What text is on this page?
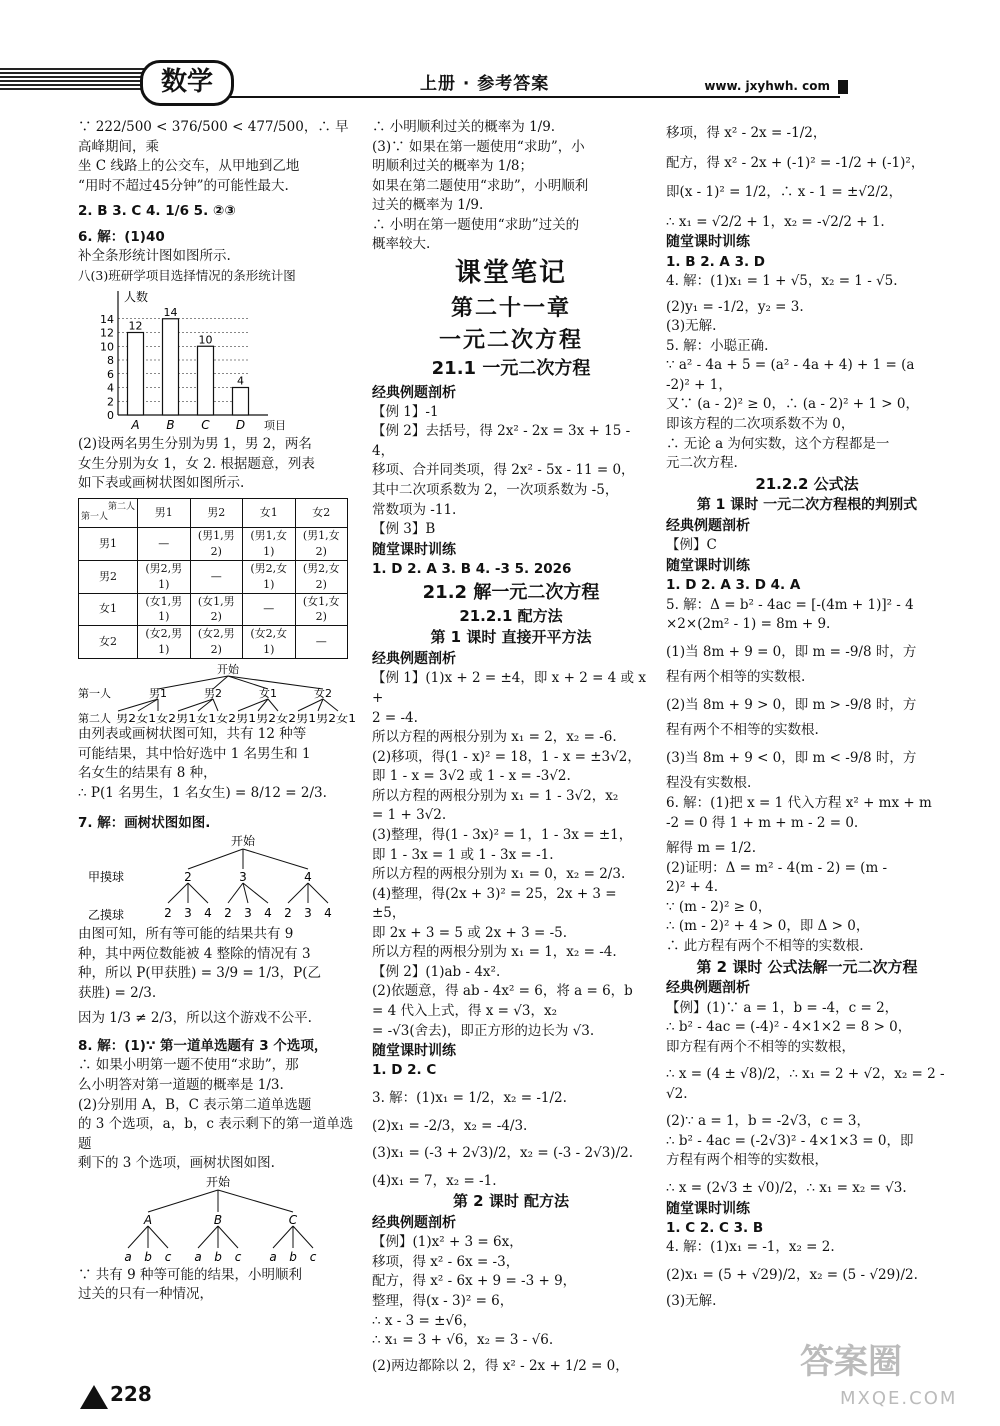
数学	上册 · 参考答案	www. jxyhwh. com

∵ 222/500 < 376/500 < 477/500，∴ 早高峰期间，乘

坐 C 线路上的公交车，从甲地到乙地

“用时不超过45分钟”的可能性最大.

2. B 3. C 4. 1/6 5. ②③

6. 解：(1)40

补全条形统计图如图所示.

八(3)班研学项目选择情况的条形统计图

人数
项目
0
2
4
6
8
10
12
14
12
A
14
B
10
C
4
D

(2)设两名男生分别为男 1，男 2，两名

女生分别为女 1，女 2. 根据题意，列表

如下表或画树状图如图所示.

第二人

第一人	男1	男2	女1	女2
男1	—	(男1,男2)	(男1,女1)	(男1,女2)
男2	(男2,男1)	—	(男2,女1)	(男2,女2)
女1	(女1,男1)	(女1,男2)	—	(女1,女2)
女2	(女2,男1)	(女2,男2)	(女2,女1)	—
开始
第一人	男1	男2	女1	女2
第二人 男2女1女2男1女1女2男1男2女2男1男2女1

由列表或画树状图可知，共有 12 种等

可能结果，其中恰好选中 1 名男生和 1

名女生的结果有 8 种，

∴ P(1 名男生，1 名女生) = 8/12 = 2/3.

7. 解：画树状图如图.

开始
甲摸球	2	3	4
乙摸球	2 3 4 2 3 4 2 3 4

由图可知，所有等可能的结果共有 9

种，其中两位数能被 4 整除的情况有 3

种，所以 P(甲获胜) = 3/9 = 1/3，P(乙

获胜) = 2/3.

因为 1/3 ≠ 2/3，所以这个游戏不公平.

8. 解：(1)∵ 第一道单选题有 3 个选项，

∴ 如果小明第一题不使用“求助”，那

么小明答对第一道题的概率是 1/3.

(2)分别用 A，B，C 表示第二道单选题

的 3 个选项，a，b，c 表示剩下的第一道单选题

剩下的 3 个选项，画树状图如图.

开始
A	B	C
a b c a b c a b c

∵ 共有 9 种等可能的结果，小明顺利

过关的只有一种情况，

∴ 小明顺利过关的概率为 1/9.

(3)∵ 如果在第一题使用“求助”，小

明顺利过关的概率为 1/8；

如果在第二题使用“求助”，小明顺利

过关的概率为 1/9.

∴ 小明在第一题使用“求助”过关的

概率较大.

课堂笔记

第二十一章

一元二次方程

21.1 一元二次方程

经典例题剖析

【例 1】-1

【例 2】去括号，得 2x² - 2x = 3x + 15 - 4，

移项、合并同类项，得 2x² - 5x - 11 = 0，

其中二次项系数为 2，一次项系数为 -5，

常数项为 -11.

【例 3】B

随堂课时训练

1. D 2. A 3. B 4. -3 5. 2026

21.2 解一元二次方程

21.2.1 配方法

第 1 课时 直接开平方法

经典例题剖析

【例 1】(1)x + 2 = ±4，即 x + 2 = 4 或 x +

2 = -4.

所以方程的两根分别为 x₁ = 2，x₂ = -6.

(2)移项，得(1 - x)² = 18，1 - x = ±3√2，

即 1 - x = 3√2 或 1 - x = -3√2.

所以方程的两根分别为 x₁ = 1 - 3√2，x₂

= 1 + 3√2.

(3)整理，得(1 - 3x)² = 1，1 - 3x = ±1，

即 1 - 3x = 1 或 1 - 3x = -1.

所以方程的两根分别为 x₁ = 0，x₂ = 2/3.

(4)整理，得(2x + 3)² = 25，2x + 3 = ±5，

即 2x + 3 = 5 或 2x + 3 = -5.

所以方程的两根分别为 x₁ = 1，x₂ = -4.

【例 2】(1)ab - 4x².

(2)依题意，得 ab - 4x² = 6，将 a = 6，b

= 4 代入上式，得 x = √3，x₂

= -√3(舍去)，即正方形的边长为 √3.

随堂课时训练

1. D 2. C

3. 解：(1)x₁ = 1/2，x₂ = -1/2.

(2)x₁ = -2/3，x₂ = -4/3.

(3)x₁ = (-3 + 2√3)/2，x₂ = (-3 - 2√3)/2.

(4)x₁ = 7，x₂ = -1.

第 2 课时 配方法

经典例题剖析

【例】(1)x² + 3 = 6x，

移项，得 x² - 6x = -3，

配方，得 x² - 6x + 9 = -3 + 9，

整理，得(x - 3)² = 6，

∴ x - 3 = ±√6，

∴ x₁ = 3 + √6，x₂ = 3 - √6.

(2)两边都除以 2，得 x² - 2x + 1/2 = 0，

移项，得 x² - 2x = -1/2，

配方，得 x² - 2x + (-1)² = -1/2 + (-1)²，

即(x - 1)² = 1/2，∴ x - 1 = ±√2/2，

∴ x₁ = √2/2 + 1，x₂ = -√2/2 + 1.

随堂课时训练

1. B 2. A 3. D

4. 解：(1)x₁ = 1 + √5，x₂ = 1 - √5.

(2)y₁ = -1/2，y₂ = 3.

(3)无解.

5. 解：小聪正确.

∵ a² - 4a + 5 = (a² - 4a + 4) + 1 = (a

-2)² + 1，

又∵ (a - 2)² ≥ 0，∴ (a - 2)² + 1 > 0，

即该方程的二次项系数不为 0，

∴ 无论 a 为何实数，这个方程都是一

元二次方程.

21.2.2 公式法

第 1 课时 一元二次方程根的判别式

经典例题剖析

【例】C

随堂课时训练

1. D 2. A 3. D 4. A

5. 解：Δ = b² - 4ac = [-(4m + 1)]² - 4

×2×(2m² - 1) = 8m + 9.

(1)当 8m + 9 = 0，即 m = -9/8 时，方

程有两个相等的实数根.

(2)当 8m + 9 > 0，即 m > -9/8 时，方

程有两个不相等的实数根.

(3)当 8m + 9 < 0，即 m < -9/8 时，方

程没有实数根.

6. 解：(1)把 x = 1 代入方程 x² + mx + m

-2 = 0 得 1 + m + m - 2 = 0.

解得 m = 1/2.

(2)证明：Δ = m² - 4(m - 2) = (m -

2)² + 4.

∵ (m - 2)² ≥ 0，

∴ (m - 2)² + 4 > 0，即 Δ > 0，

∴ 此方程有两个不相等的实数根.

第 2 课时 公式法解一元二次方程

经典例题剖析

【例】(1)∵ a = 1，b = -4，c = 2，

∴ b² - 4ac = (-4)² - 4×1×2 = 8 > 0，

即方程有两个不相等的实数根，

∴ x = (4 ± √8)/2，∴ x₁ = 2 + √2，x₂ = 2 - √2.

(2)∵ a = 1，b = -2√3，c = 3，

∴ b² - 4ac = (-2√3)² - 4×1×3 = 0，即

方程有两个相等的实数根，

∴ x = (2√3 ± √0)/2，∴ x₁ = x₂ = √3.

随堂课时训练

1. C 2. C 3. B

4. 解：(1)x₁ = -1，x₂ = 2.

(2)x₁ = (5 + √29)/2，x₂ = (5 - √29)/2.

(3)无解.

228
答案圈
MXQE.COM
